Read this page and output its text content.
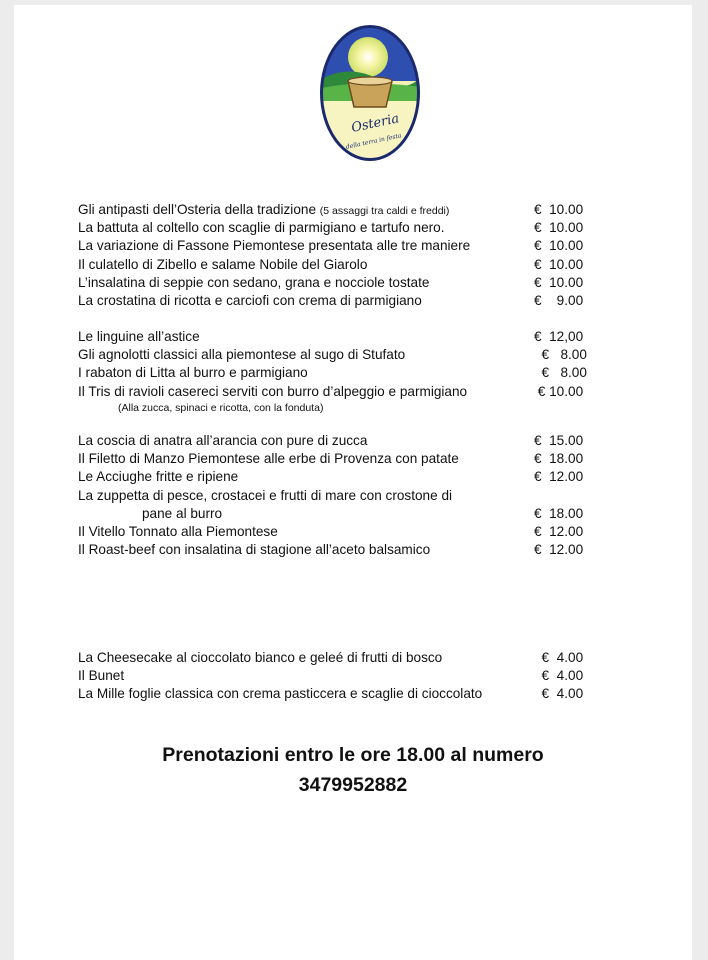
Osteria
della terra in festa
Gli antipasti dell’Osteria della tradizione (5 assaggi tra caldi e freddi)	€  10.00
La battuta al coltello con scaglie di parmigiano e tartufo nero.	€  10.00
La variazione di Fassone Piemontese presentata alle tre maniere	€  10.00
Il culatello di Zibello e salame Nobile del Giarolo	€  10.00
L’insalatina di seppie con sedano, grana e nocciole tostate	€  10.00
La crostatina di ricotta e carciofi con crema di parmigiano	€    9.00
Le linguine all’astice	€  12,00
Gli agnolotti classici alla piemontese al sugo di Stufato	€   8.00
I rabaton di Litta al burro e parmigiano	€   8.00
Il Tris di ravioli casereci serviti con burro d’alpeggio e parmigiano	€ 10.00
(Alla zucca, spinaci e ricotta, con la fonduta)
La coscia di anatra all’arancia con pure di zucca	€  15.00
Il Filetto di Manzo Piemontese alle erbe di Provenza con patate	€  18.00
Le Acciughe fritte e ripiene	€  12.00
La zuppetta di pesce, crostacei e frutti di mare con crostone di
pane al burro	€  18.00
Il Vitello Tonnato alla Piemontese	€  12.00
Il Roast-beef con insalatina di stagione all’aceto balsamico	€  12.00
La Cheesecake al cioccolato bianco e geleé di frutti di bosco	€  4.00
Il Bunet	€  4.00
La Mille foglie classica con crema pasticcera e scaglie di cioccolato	€  4.00
Prenotazioni entro le ore 18.00 al numero
3479952882
